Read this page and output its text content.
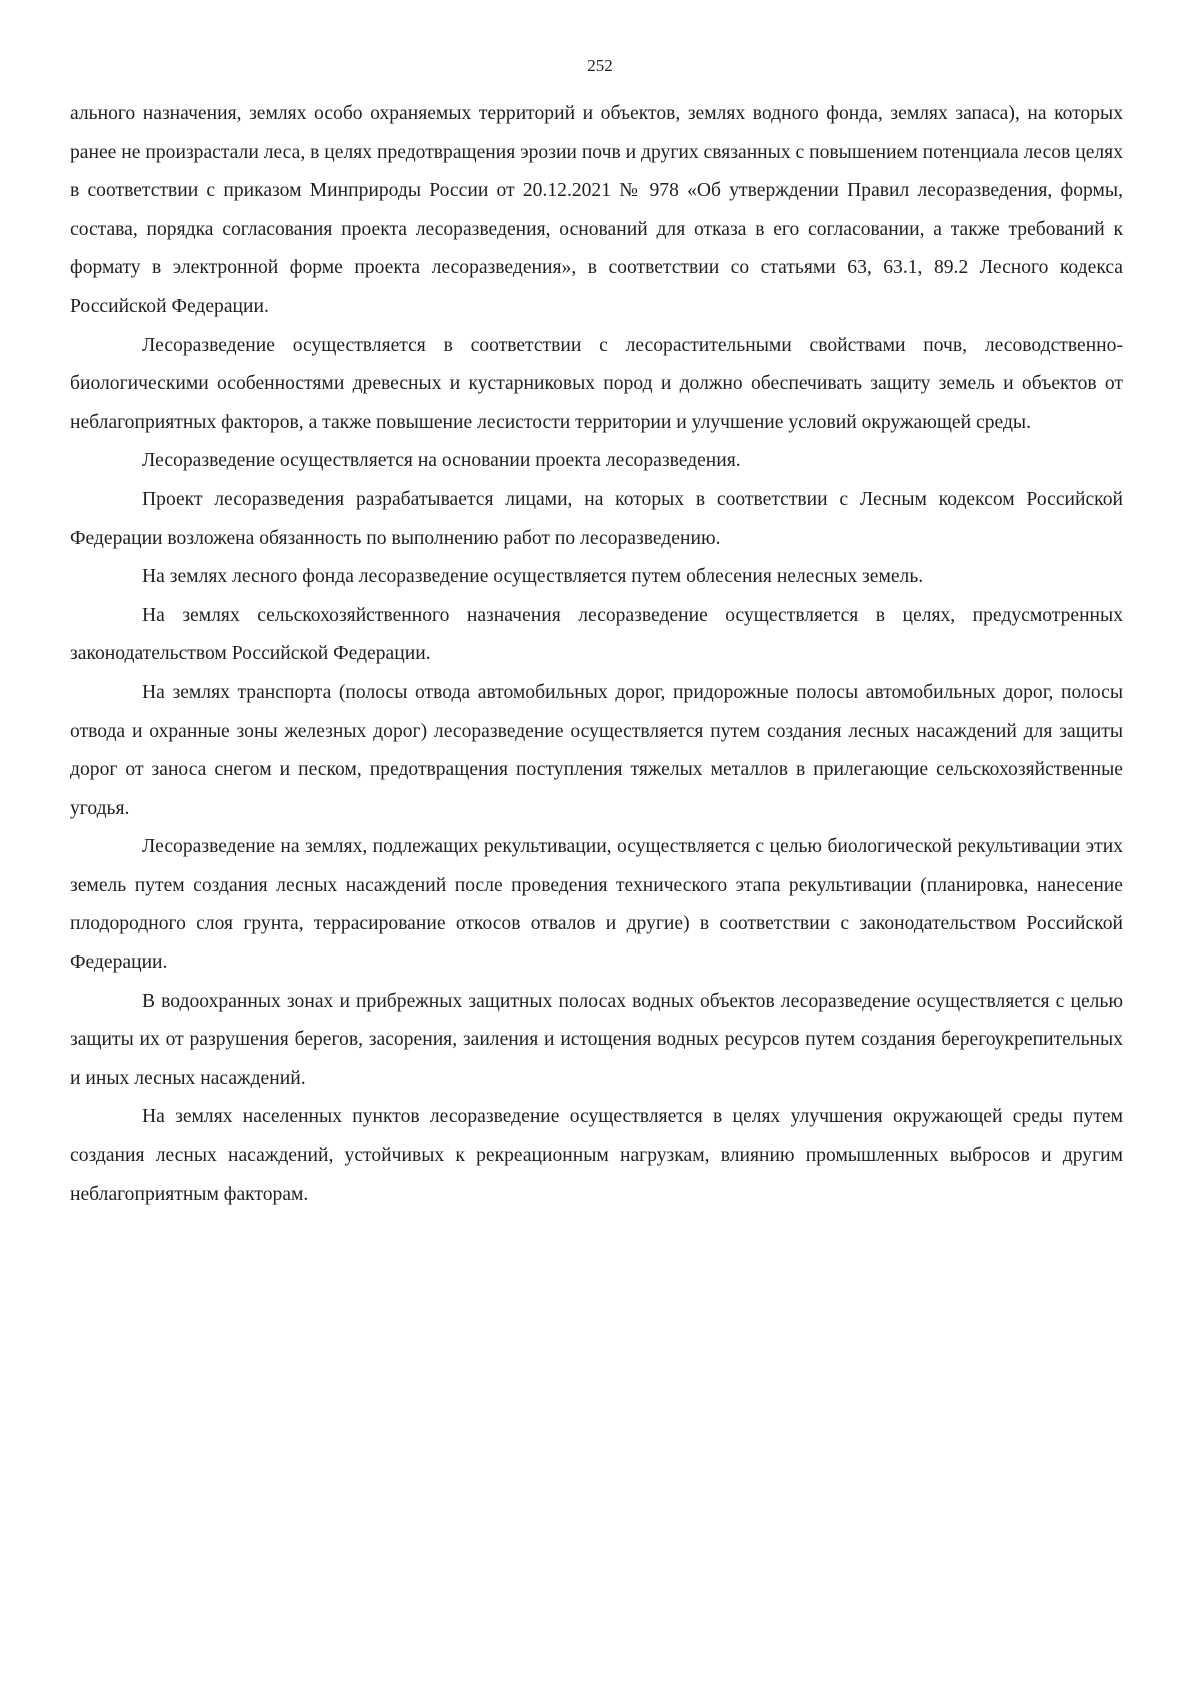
252

ального назначения, землях особо охраняемых территорий и объектов, землях водного фонда, землях запаса), на которых ранее не произрастали леса, в целях предотвращения эрозии почв и других связанных с повышением потенциала лесов целях в соответствии с приказом Минприроды России от 20.12.2021 № 978 «Об утверждении Правил лесоразведения, формы, состава, порядка согласования проекта лесоразведения, оснований для отказа в его согласовании, а также требований к формату в электронной форме проекта лесоразведения», в соответствии со статьями 63, 63.1, 89.2 Лесного кодекса Российской Федерации.

Лесоразведение осуществляется в соответствии с лесорастительными свойствами почв, лесоводственно-биологическими особенностями древесных и кустарниковых пород и должно обеспечивать защиту земель и объектов от неблагоприятных факторов, а также повышение лесистости территории и улучшение условий окружающей среды.

Лесоразведение осуществляется на основании проекта лесоразведения.

Проект лесоразведения разрабатывается лицами, на которых в соответствии с Лесным кодексом Российской Федерации возложена обязанность по выполнению работ по лесоразведению.

На землях лесного фонда лесоразведение осуществляется путем облесения нелесных земель.

На землях сельскохозяйственного назначения лесоразведение осуществляется в целях, предусмотренных законодательством Российской Федерации.

На землях транспорта (полосы отвода автомобильных дорог, придорожные полосы автомобильных дорог, полосы отвода и охранные зоны железных дорог) лесоразведение осуществляется путем создания лесных насаждений для защиты дорог от заноса снегом и песком, предотвращения поступления тяжелых металлов в прилегающие сельскохозяйственные угодья.

Лесоразведение на землях, подлежащих рекультивации, осуществляется с целью биологической рекультивации этих земель путем создания лесных насаждений после проведения технического этапа рекультивации (планировка, нанесение плодородного слоя грунта, террасирование откосов отвалов и другие) в соответствии с законодательством Российской Федерации.

В водоохранных зонах и прибрежных защитных полосах водных объектов лесоразведение осуществляется с целью защиты их от разрушения берегов, засорения, заиления и истощения водных ресурсов путем создания берегоукрепительных и иных лесных насаждений.

На землях населенных пунктов лесоразведение осуществляется в целях улучшения окружающей среды путем создания лесных насаждений, устойчивых к рекреационным нагрузкам, влиянию промышленных выбросов и другим неблагоприятным факторам.
